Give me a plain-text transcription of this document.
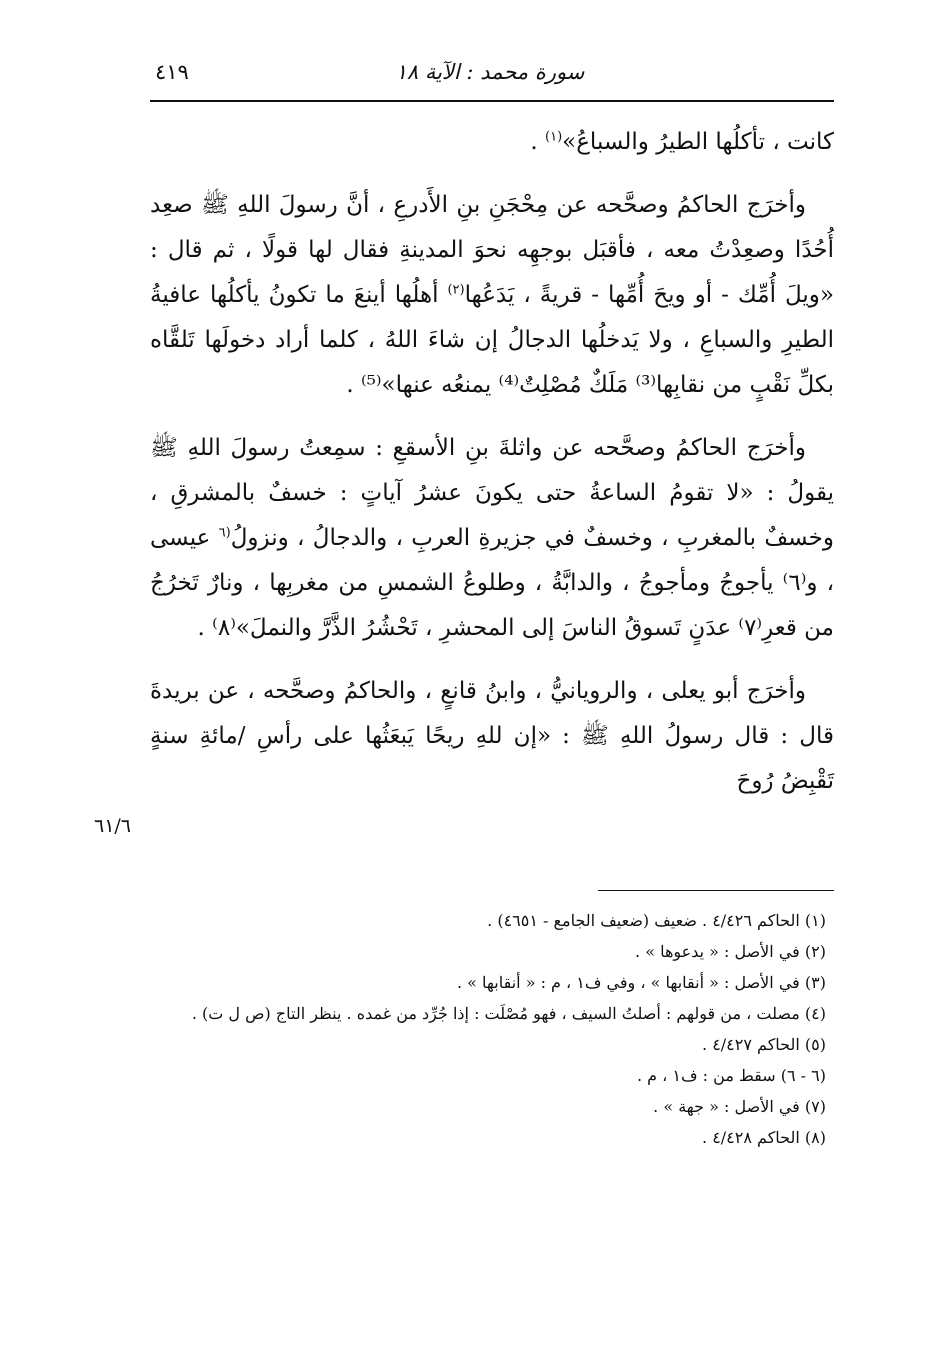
٤١٩	سورة محمد : الآية ١٨

كانت ، تأكلُها الطيرُ والسباعُ»$^{(١)}$ .

وأخرَج الحاكمُ وصحَّحه عن مِحْجَنِ بنِ الأَدرعِ ، أنَّ رسولَ اللهِ ﷺ صعِد أُحُدًا وصعِدْتُ معه ، فأقبَل بوجهِه نحوَ المدينةِ فقال لها قولًا ، ثم قال : «ويلَ أُمِّك - أو ويحَ أُمِّها - قريةً ، يَدَعُها$^{(٢)}$ أهلُها أينعَ ما تكونُ يأكلُها عافيةُ الطيرِ والسباعِ ، ولا يَدخلُها الدجالُ إن شاءَ اللهُ ، كلما أراد دخولَها تَلقَّاه بكلِّ نَقْبٍ من نقابِها⁽³⁾ مَلَكٌ مُصْلِتٌ⁽⁴⁾ يمنعُه عنها»⁽⁵⁾ .

وأخرَج الحاكمُ وصحَّحه عن واثلةَ بنِ الأسقعِ : سمِعتُ رسولَ اللهِ ﷺ يقولُ : «لا تقومُ الساعةُ حتى يكونَ عشرُ آياتٍ : خسفٌ بالمشرقِ ، وخسفٌ بالمغربِ ، وخسفٌ في جزيرةِ العربِ ، والدجالُ ، ونزولُ$^{(٦}$ عيسى ، و⁽٦⁾ يأجوجُ ومأجوجُ ، والدابَّةُ ، وطلوعُ الشمسِ من مغربِها ، ونارٌ تَخرُجُ من قعرِ⁽٧⁾ عدَنٍ تَسوقُ الناسَ إلى المحشرِ ، تَحْشُرُ الذَّرَّ والنملَ»⁽٨⁾ .

وأخرَج أبو يعلى ، والرويانيُّ ، وابنُ قانعٍ ، والحاكمُ وصحَّحه ، عن بريدةَ قال : قال رسولُ اللهِ ﷺ : «إن للهِ ريحًا يَبعَثُها على رأسِ /مائةِ سنةٍ تَقْبِضُ رُوحَ

٦١/٦

(١) الحاكم ٤/٤٢٦ . ضعيف (ضعيف الجامع - ٤٦٥١) .

(٢) في الأصل : « يدعوها » .

(٣) في الأصل : « أنقابها » ، وفي ف١ ، م : « أنقابها » .

(٤) مصلت ، من قولهم : أصلتُ السيف ، فهو مُصْلَت : إذا جُرِّد من غمده . ينظر التاج (ص ل ت) .

(٥) الحاكم ٤/٤٢٧ .

(٦ - ٦) سقط من : ف١ ، م .

(٧) في الأصل : « جهة » .

(٨) الحاكم ٤/٤٢٨ .
